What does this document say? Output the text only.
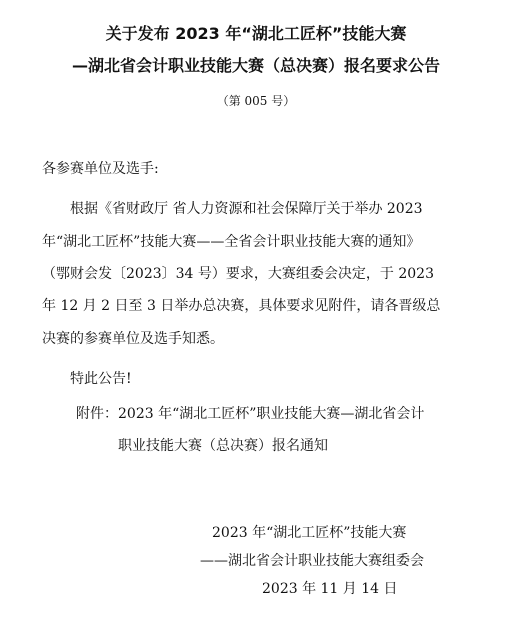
关于发布 2023 年“湖北工匠杯”技能大赛
—湖北省会计职业技能大赛（总决赛）报名要求公告
（第 005 号）
各参赛单位及选手:
根据《省财政厅 省人力资源和社会保障厅关于举办 2023
年“湖北工匠杯”技能大赛——全省会计职业技能大赛的通知》
（鄂财会发〔2023〕34 号）要求，大赛组委会决定，于 2023
年 12 月 2 日至 3 日举办总决赛，具体要求见附件，请各晋级总
决赛的参赛单位及选手知悉。
特此公告!
附件：2023 年“湖北工匠杯”职业技能大赛—湖北省会计
职业技能大赛（总决赛）报名通知
2023 年“湖北工匠杯”技能大赛
——湖北省会计职业技能大赛组委会
2023 年 11 月 14 日
